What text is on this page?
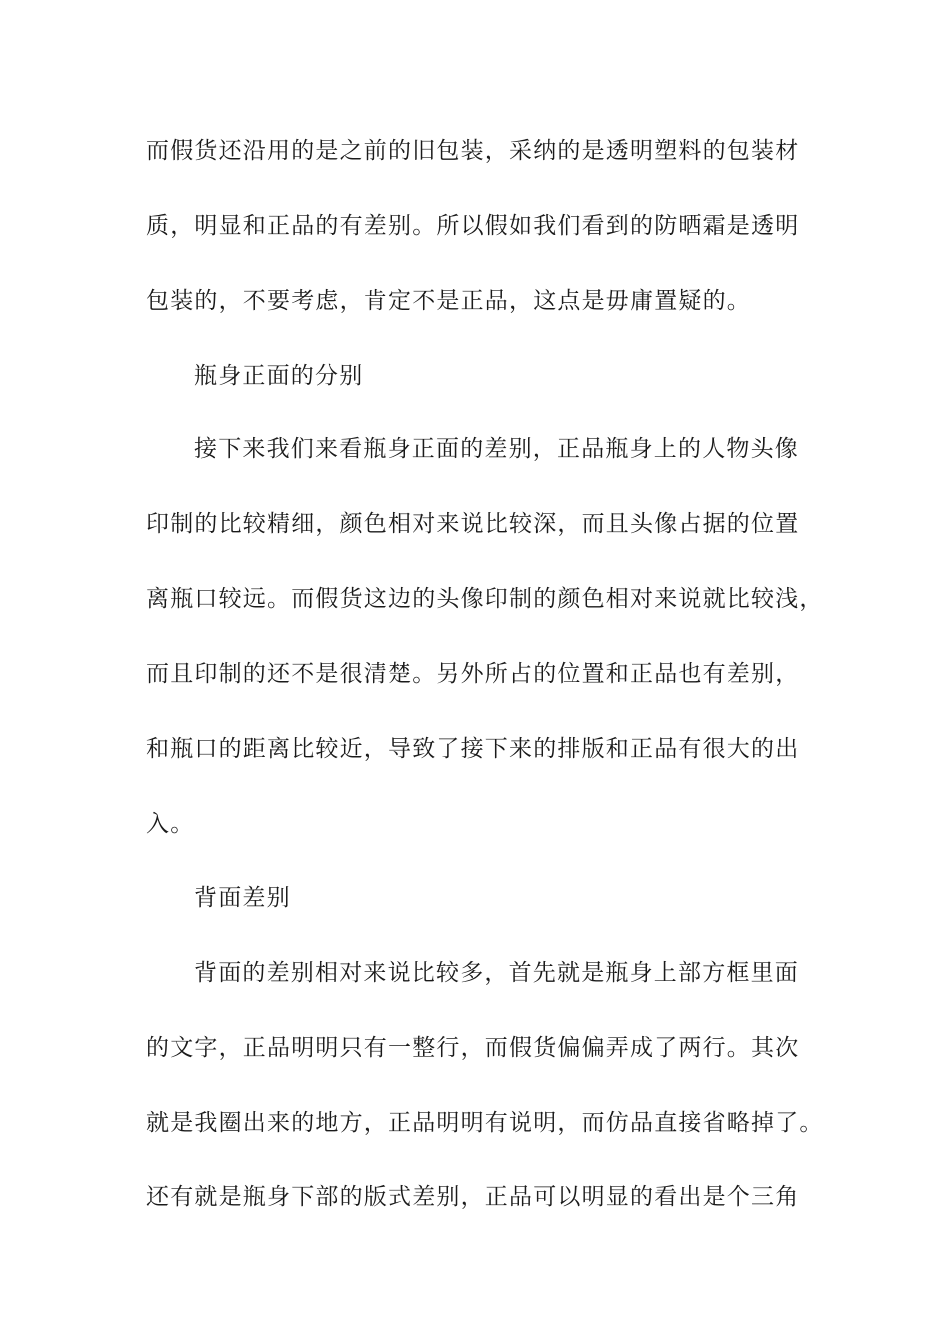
而假货还沿用的是之前的旧包装，采纳的是透明塑料的包装材
质，明显和正品的有差别。所以假如我们看到的防晒霜是透明
包装的，不要考虑，肯定不是正品，这点是毋庸置疑的。
瓶身正面的分别
接下来我们来看瓶身正面的差别，正品瓶身上的人物头像
印制的比较精细，颜色相对来说比较深，而且头像占据的位置
离瓶口较远。而假货这边的头像印制的颜色相对来说就比较浅，
而且印制的还不是很清楚。另外所占的位置和正品也有差别，
和瓶口的距离比较近，导致了接下来的排版和正品有很大的出
入。
背面差别
背面的差别相对来说比较多，首先就是瓶身上部方框里面
的文字，正品明明只有一整行，而假货偏偏弄成了两行。其次
就是我圈出来的地方，正品明明有说明，而仿品直接省略掉了。
还有就是瓶身下部的版式差别，正品可以明显的看出是个三角
